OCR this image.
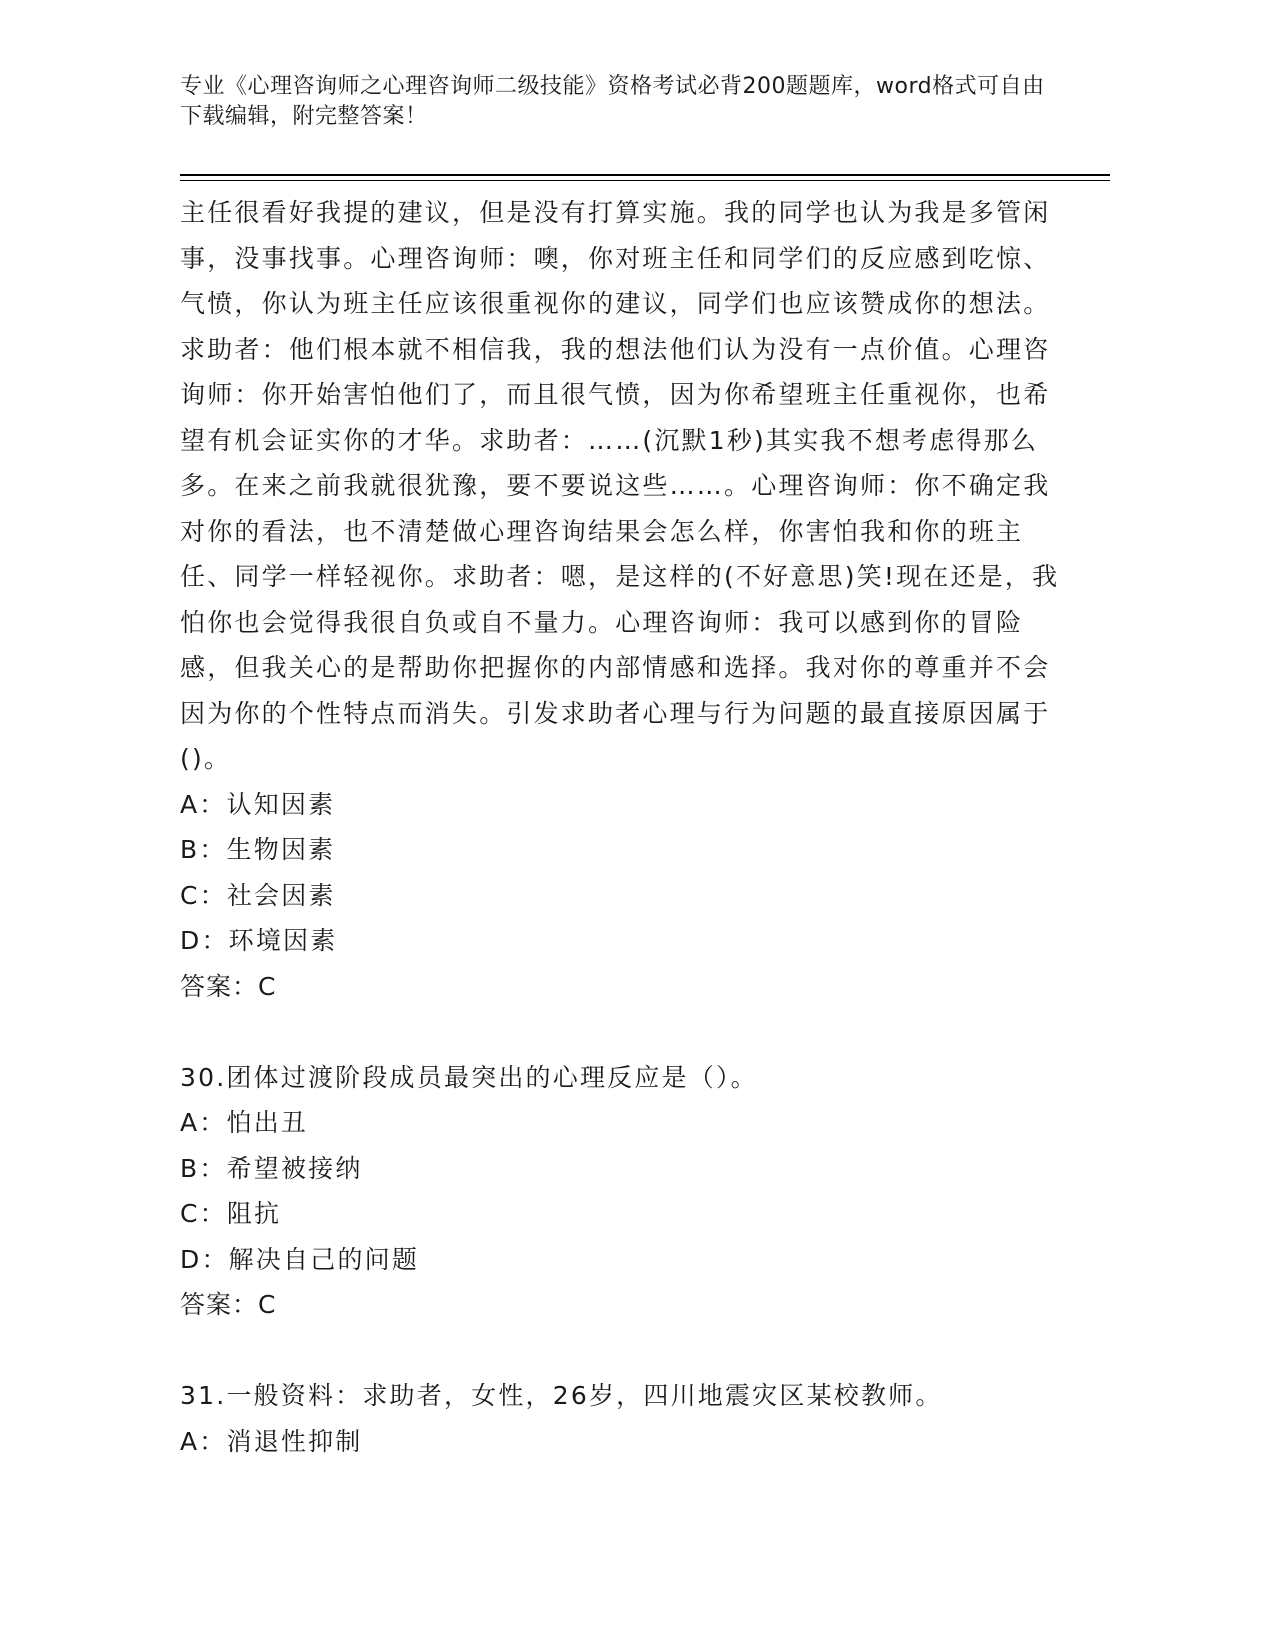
专业《心理咨询师之心理咨询师二级技能》资格考试必背200题题库，word格式可自由下载编辑，附完整答案！

主任很看好我提的建议，但是没有打算实施。我的同学也认为我是多管闲事，没事找事。心理咨询师：噢，你对班主任和同学们的反应感到吃惊、气愤，你认为班主任应该很重视你的建议，同学们也应该赞成你的想法。求助者：他们根本就不相信我，我的想法他们认为没有一点价值。心理咨询师：你开始害怕他们了，而且很气愤，因为你希望班主任重视你，也希望有机会证实你的才华。求助者：……(沉默1秒)其实我不想考虑得那么多。在来之前我就很犹豫，要不要说这些……。心理咨询师：你不确定我对你的看法，也不清楚做心理咨询结果会怎么样，你害怕我和你的班主任、同学一样轻视你。求助者：嗯，是这样的(不好意思)笑!现在还是，我怕你也会觉得我很自负或自不量力。心理咨询师：我可以感到你的冒险感，但我关心的是帮助你把握你的内部情感和选择。我对你的尊重并不会因为你的个性特点而消失。引发求助者心理与行为问题的最直接原因属于()。

A：认知因素

B：生物因素

C：社会因素

D：环境因素

答案：C

30.团体过渡阶段成员最突出的心理反应是（）。

A：怕出丑

B：希望被接纳

C：阻抗

D：解决自己的问题

答案：C

31.一般资料：求助者，女性，26岁，四川地震灾区某校教师。

A：消退性抑制
